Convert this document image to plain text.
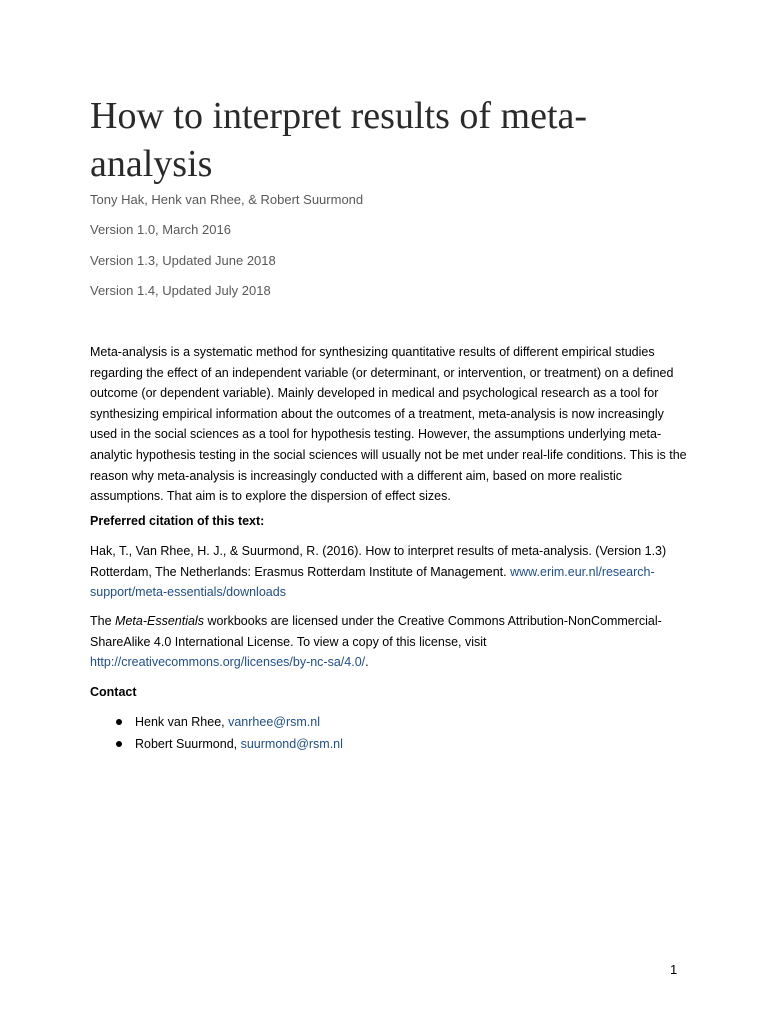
How to interpret results of meta-analysis
Tony Hak, Henk van Rhee, & Robert Suurmond
Version 1.0, March 2016
Version 1.3, Updated June 2018
Version 1.4, Updated July 2018
Meta-analysis is a systematic method for synthesizing quantitative results of different empirical studies regarding the effect of an independent variable (or determinant, or intervention, or treatment) on a defined outcome (or dependent variable). Mainly developed in medical and psychological research as a tool for synthesizing empirical information about the outcomes of a treatment, meta-analysis is now increasingly used in the social sciences as a tool for hypothesis testing. However, the assumptions underlying meta-analytic hypothesis testing in the social sciences will usually not be met under real-life conditions. This is the reason why meta-analysis is increasingly conducted with a different aim, based on more realistic assumptions. That aim is to explore the dispersion of effect sizes.
Preferred citation of this text:
Hak, T., Van Rhee, H. J., & Suurmond, R. (2016). How to interpret results of meta-analysis. (Version 1.3) Rotterdam, The Netherlands: Erasmus Rotterdam Institute of Management. www.erim.eur.nl/research-support/meta-essentials/downloads
The Meta-Essentials workbooks are licensed under the Creative Commons Attribution-NonCommercial-ShareAlike 4.0 International License. To view a copy of this license, visit http://creativecommons.org/licenses/by-nc-sa/4.0/.
Contact
Henk van Rhee, vanrhee@rsm.nl
Robert Suurmond, suurmond@rsm.nl
1
